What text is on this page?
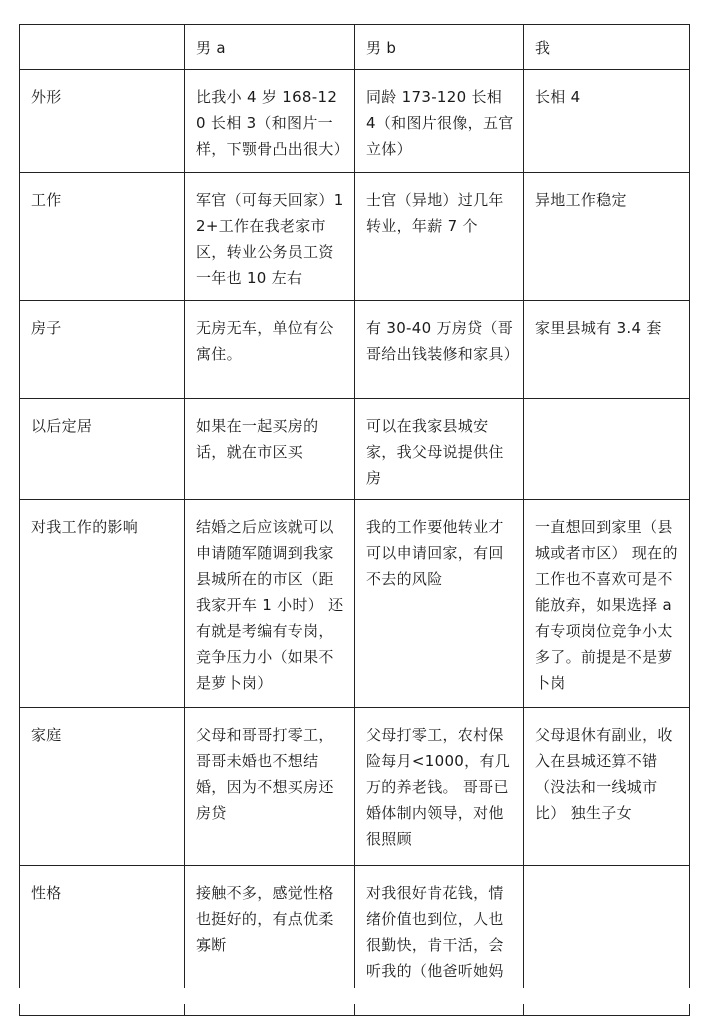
	男 a	男 b	我
外形	比我小 4 岁 168-120 长相 3（和图片一样，下颚骨凸出很大）	同龄 173-120 长相 4（和图片很像，五官立体）	长相 4
工作	军官（可每天回家）12+工作在我老家市区，转业公务员工资一年也 10 左右	士官（异地）过几年转业，年薪 7 个	异地工作稳定
房子	无房无车，单位有公寓住。	有 30-40 万房贷（哥哥给出钱装修和家具）	家里县城有 3.4 套
以后定居	如果在一起买房的话，就在市区买	可以在我家县城安家，我父母说提供住房	
对我工作的影响	结婚之后应该就可以申请随军随调到我家县城所在的市区（距我家开车 1 小时） 还有就是考编有专岗，竞争压力小（如果不是萝卜岗）	我的工作要他转业才可以申请回家，有回不去的风险	一直想回到家里（县城或者市区） 现在的工作也不喜欢可是不能放弃，如果选择 a 有专项岗位竞争小太多了。前提是不是萝卜岗
家庭	父母和哥哥打零工，哥哥未婚也不想结婚，因为不想买房还房贷	父母打零工，农村保险每月<1000，有几万的养老钱。 哥哥已婚体制内领导，对他很照顾	父母退休有副业，收入在县城还算不错 （没法和一线城市比） 独生子女
性格	接触不多，感觉性格也挺好的，有点优柔寡断	对我很好肯花钱，情绪价值也到位，人也很勤快，肯干活，会听我的（他爸听她妈	
